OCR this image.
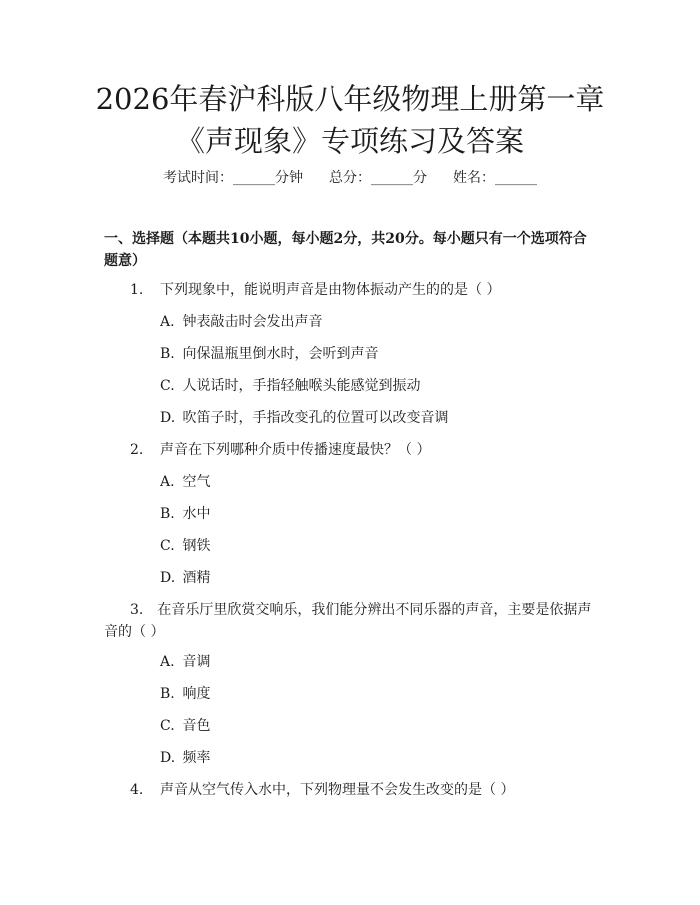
2026年春沪科版八年级物理上册第一章《声现象》专项练习及答案
考试时间：______分钟 总分：______分 姓名：______
一、选择题（本题共10小题，每小题2分，共20分。每小题只有一个选项符合题意）
1.	下列现象中，能说明声音是由物体振动产生的的是（ ）
A. 钟表敲击时会发出声音
B. 向保温瓶里倒水时，会听到声音
C. 人说话时，手指轻触喉头能感觉到振动
D. 吹笛子时，手指改变孔的位置可以改变音调
2.	声音在下列哪种介质中传播速度最快？（ ）
A. 空气
B. 水中
C. 钢铁
D. 酒精
3.　在音乐厅里欣赏交响乐，我们能分辨出不同乐器的声音，主要是依据声音的（ ）
A. 音调
B. 响度
C. 音色
D. 频率
4.	声音从空气传入水中，下列物理量不会发生改变的是（ ）
